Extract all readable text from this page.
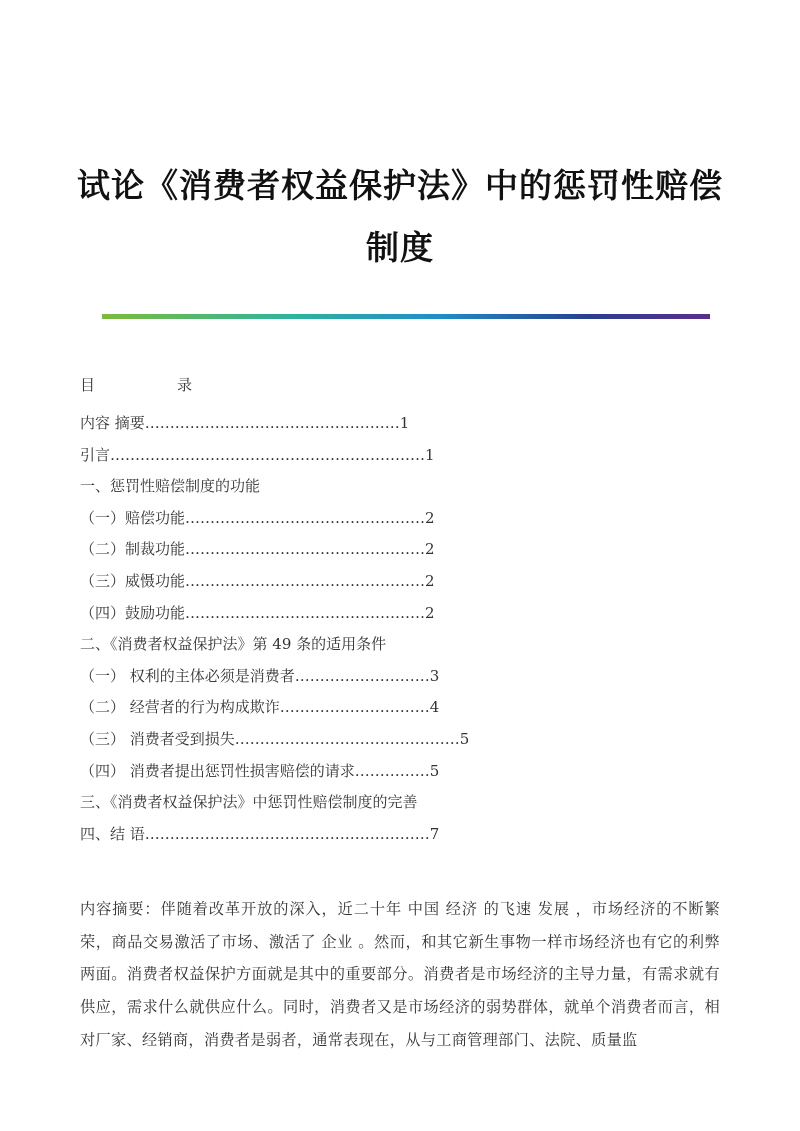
试论《消费者权益保护法》中的惩罚性赔偿
制度
目	录
内容 摘要……………………………………………1
引言………………………………………………………1
一、惩罚性赔偿制度的功能
（一）赔偿功能…………………………………………2
（二）制裁功能…………………………………………2
（三）威慑功能…………………………………………2
（四）鼓励功能…………………………………………2
二、《消费者权益保护法》第 49 条的适用条件
（一） 权利的主体必须是消费者………………………3
（二） 经营者的行为构成欺诈…………………………4
（三） 消费者受到损失………………………………………5
（四） 消费者提出惩罚性损害赔偿的请求……………5
三、《消费者权益保护法》中惩罚性赔偿制度的完善
四、结 语…………………………………………………7

内容摘要：伴随着改革开放的深入，近二十年 中国 经济 的飞速 发展 ，市场经济的不断繁荣，商品交易激活了市场、激活了 企业 。然而，和其它新生事物一样市场经济也有它的利弊两面。消费者权益保护方面就是其中的重要部分。消费者是市场经济的主导力量，有需求就有供应，需求什么就供应什么。同时，消费者又是市场经济的弱势群体，就单个消费者而言，相对厂家、经销商，消费者是弱者，通常表现在，从与工商管理部门、法院、质量监
